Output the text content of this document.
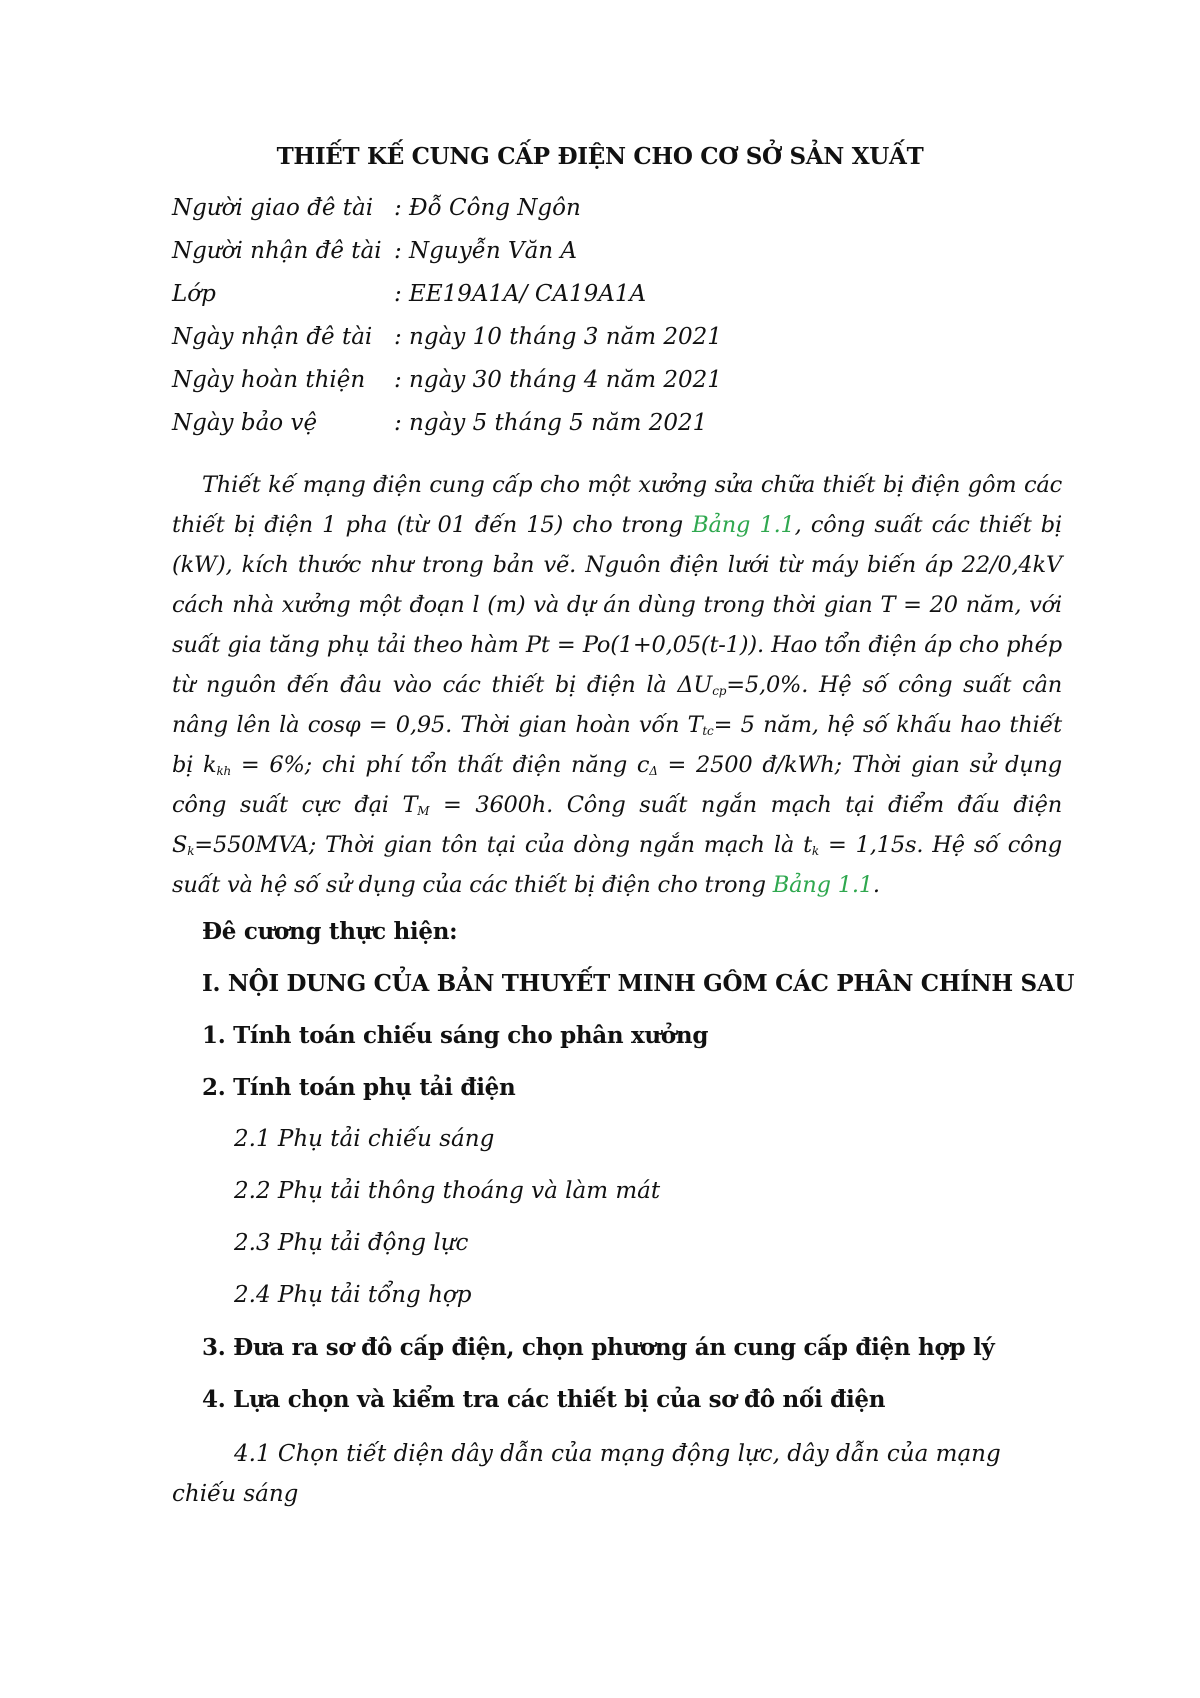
THIẾT KẾ CUNG CẤP ĐIỆN CHO CƠ SỞ SẢN XUẤT
Người giao đê tài : Đỗ Công Ngôn
Người nhận đê tài : Nguyễn Văn A
Lớp	: EE19A1A/ CA19A1A
Ngày nhận đê tài : ngày 10 tháng 3 năm 2021
Ngày hoàn thiện : ngày 30 tháng 4 năm 2021
Ngày bảo vệ	: ngày 5 tháng 5 năm 2021
Thiết kế mạng điện cung cấp cho một xưởng sửa chữa thiết bị điện gôm các thiết bị điện 1 pha (từ 01 đến 15) cho trong Bảng 1.1, công suất các thiết bị (kW), kích thước như trong bản vẽ. Nguôn điện lưới từ máy biến áp 22/0,4kV cách nhà xưởng một đoạn l (m) và dự án dùng trong thời gian T = 20 năm, với suất gia tăng phụ tải theo hàm Pt = Po(1+0,05(t-1)). Hao tổn điện áp cho phép từ nguôn đến đâu vào các thiết bị điện là $\Delta U_{cp}=5,0\%$. Hệ số công suất cân nâng lên là cosφ = 0,95. Thời gian hoàn vốn $T_{tc}= 5$ năm, hệ số khấu hao thiết bị $k_{kh} = 6\%$; chi phí tổn thất điện năng $c_\Delta = 2500$ đ/kWh; Thời gian sử dụng công suất cực đại $T_M = 3600h$. Công suất ngắn mạch tại điểm đấu điện $S_k=550MVA$; Thời gian tôn tại của dòng ngắn mạch là $t_k = 1,15s$. Hệ số công suất và hệ số sử dụng của các thiết bị điện cho trong Bảng 1.1.
Đê cương thực hiện:
I. NỘI DUNG CỦA BẢN THUYẾT MINH GÔM CÁC PHÂN CHÍNH SAU
1. Tính toán chiếu sáng cho phân xưởng
2. Tính toán phụ tải điện
2.1 Phụ tải chiếu sáng
2.2 Phụ tải thông thoáng và làm mát
2.3 Phụ tải động lực
2.4 Phụ tải tổng hợp
3. Đưa ra sơ đô cấp điện, chọn phương án cung cấp điện hợp lý
4. Lựa chọn và kiểm tra các thiết bị của sơ đô nối điện
4.1 Chọn tiết diện dây dẫn của mạng động lực, dây dẫn của mạng chiếu sáng
